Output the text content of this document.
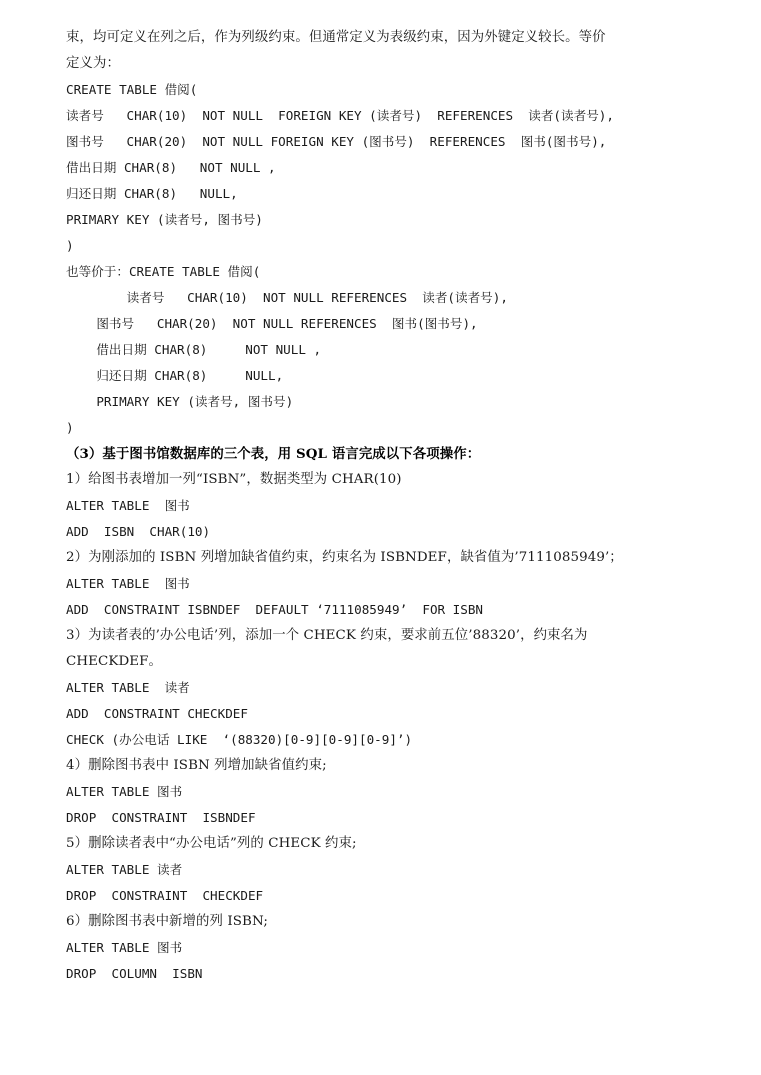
束，均可定义在列之后，作为列级约束。但通常定义为表级约束，因为外键定义较长。等价
定义为：
CREATE TABLE 借阅(
读者号   CHAR(10)  NOT NULL  FOREIGN KEY (读者号)  REFERENCES  读者(读者号),
图书号   CHAR(20)  NOT NULL FOREIGN KEY (图书号)  REFERENCES  图书(图书号),
借出日期 CHAR(8)   NOT NULL ,
归还日期 CHAR(8)   NULL,
PRIMARY KEY (读者号, 图书号)
)
也等价于：CREATE TABLE 借阅(
读者号   CHAR(10)  NOT NULL REFERENCES  读者(读者号),
图书号   CHAR(20)  NOT NULL REFERENCES  图书(图书号),
借出日期 CHAR(8)     NOT NULL ,
归还日期 CHAR(8)     NULL,
PRIMARY KEY (读者号, 图书号)
)
（3）基于图书馆数据库的三个表，用 SQL 语言完成以下各项操作：
1）给图书表增加一列“ISBN”，数据类型为 CHAR(10)
ALTER TABLE  图书
ADD  ISBN  CHAR(10)
2）为刚添加的 ISBN 列增加缺省值约束，约束名为 ISBNDEF，缺省值为’7111085949’；
ALTER TABLE  图书
ADD  CONSTRAINT ISBNDEF  DEFAULT ‘7111085949’  FOR ISBN
3）为读者表的’办公电话’列，添加一个 CHECK 约束，要求前五位’88320’，约束名为
CHECKDEF。
ALTER TABLE  读者
ADD  CONSTRAINT CHECKDEF
CHECK (办公电话 LIKE  ‘(88320)[0-9][0-9][0-9]’)
4）删除图书表中 ISBN 列增加缺省值约束;
ALTER TABLE 图书
DROP  CONSTRAINT  ISBNDEF
5）删除读者表中“办公电话”列的 CHECK 约束;
ALTER TABLE 读者
DROP  CONSTRAINT  CHECKDEF
6）删除图书表中新增的列 ISBN;
ALTER TABLE 图书
DROP  COLUMN  ISBN
